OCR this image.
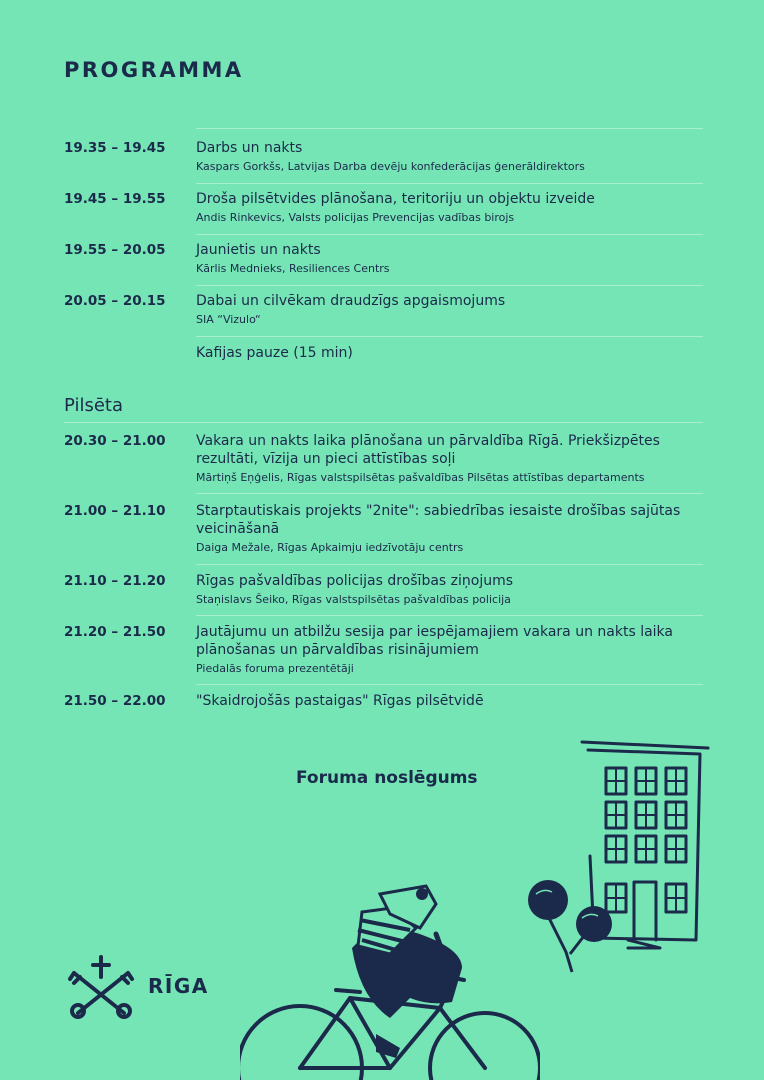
PROGRAMMA
19.35 – 19.45 Darbs un nakts
Kaspars Gorkšs, Latvijas Darba devēju konfederācijas ģenerāldirektors
19.45 – 19.55 Droša pilsētvides plānošana, teritoriju un objektu izveide
Andis Rinkevics, Valsts policijas Prevencijas vadības birojs
19.55 – 20.05 Jaunietis un nakts
Kārlis Mednieks, Resiliences Centrs
20.05 – 20.15 Dabai un cilvēkam draudzīgs apgaismojums
SIA “Vizulo“
Kafijas pauze (15 min)
Pilsēta
20.30 – 21.00 Vakara un nakts laika plānošana un pārvaldība Rīgā. Priekšizpētes
rezultāti, vīzija un pieci attīstības soļi
Mārtiņš Eņģelis, Rīgas valstspilsētas pašvaldības Pilsētas attīstības departaments
21.00 – 21.10 Starptautiskais projekts "2nite": sabiedrības iesaiste drošības sajūtas
veicināšanā
Daiga Mežale, Rīgas Apkaimju iedzīvotāju centrs
21.10 – 21.20 Rīgas pašvaldības policijas drošības ziņojums
Staņislavs Šeiko, Rīgas valstspilsētas pašvaldības policija
21.20 – 21.50 Jautājumu un atbilžu sesija par iespējamajiem vakara un nakts laika
plānošanas un pārvaldības risinājumiem
Piedalās foruma prezentētāji
21.50 – 22.00 "Skaidrojošās pastaigas" Rīgas pilsētvidē
Foruma noslēgums
RĪGA
